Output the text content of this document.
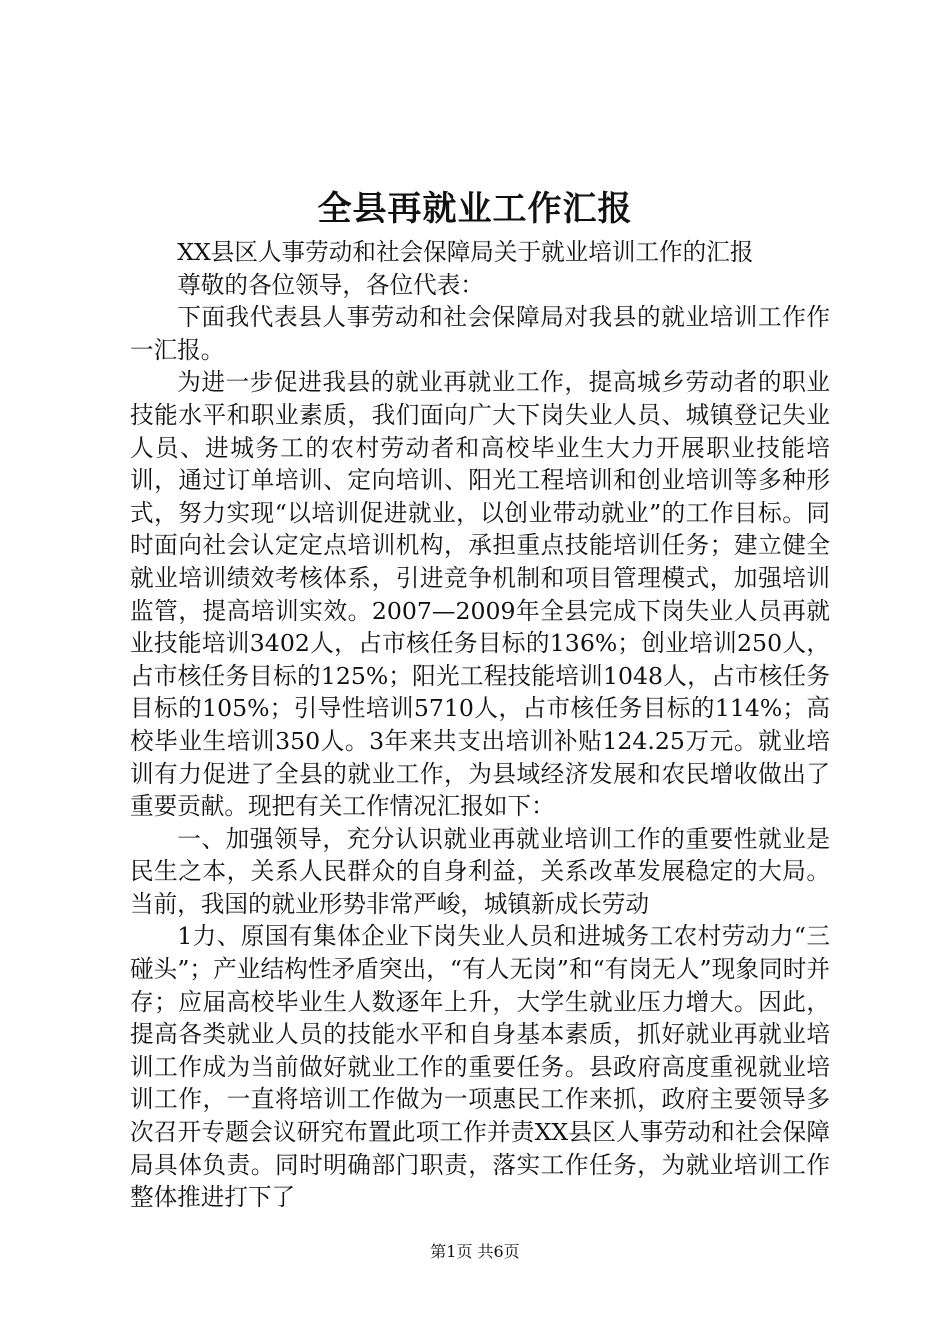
全县再就业工作汇报

XX县区人事劳动和社会保障局关于就业培训工作的汇报

尊敬的各位领导，各位代表：

下面我代表县人事劳动和社会保障局对我县的就业培训工作作一汇报。

为进一步促进我县的就业再就业工作，提高城乡劳动者的职业技能水平和职业素质，我们面向广大下岗失业人员、城镇登记失业人员、进城务工的农村劳动者和高校毕业生大力开展职业技能培训，通过订单培训、定向培训、阳光工程培训和创业培训等多种形式，努力实现“以培训促进就业，以创业带动就业”的工作目标。同时面向社会认定定点培训机构，承担重点技能培训任务；建立健全就业培训绩效考核体系，引进竞争机制和项目管理模式，加强培训监管，提高培训实效。2007—2009年全县完成下岗失业人员再就业技能培训3402人，占市核任务目标的136%；创业培训250人，占市核任务目标的125%；阳光工程技能培训1048人，占市核任务目标的105%；引导性培训5710人，占市核任务目标的114%；高校毕业生培训350人。3年来共支出培训补贴124.25万元。就业培训有力促进了全县的就业工作，为县域经济发展和农民增收做出了重要贡献。现把有关工作情况汇报如下：

一、加强领导，充分认识就业再就业培训工作的重要性就业是民生之本，关系人民群众的自身利益，关系改革发展稳定的大局。当前，我国的就业形势非常严峻，城镇新成长劳动

1力、原国有集体企业下岗失业人员和进城务工农村劳动力“三碰头”；产业结构性矛盾突出，“有人无岗”和“有岗无人”现象同时并存；应届高校毕业生人数逐年上升，大学生就业压力增大。因此，提高各类就业人员的技能水平和自身基本素质，抓好就业再就业培训工作成为当前做好就业工作的重要任务。县政府高度重视就业培训工作，一直将培训工作做为一项惠民工作来抓，政府主要领导多次召开专题会议研究布置此项工作并责XX县区人事劳动和社会保障局具体负责。同时明确部门职责，落实工作任务，为就业培训工作整体推进打下了

第1页 共6页
